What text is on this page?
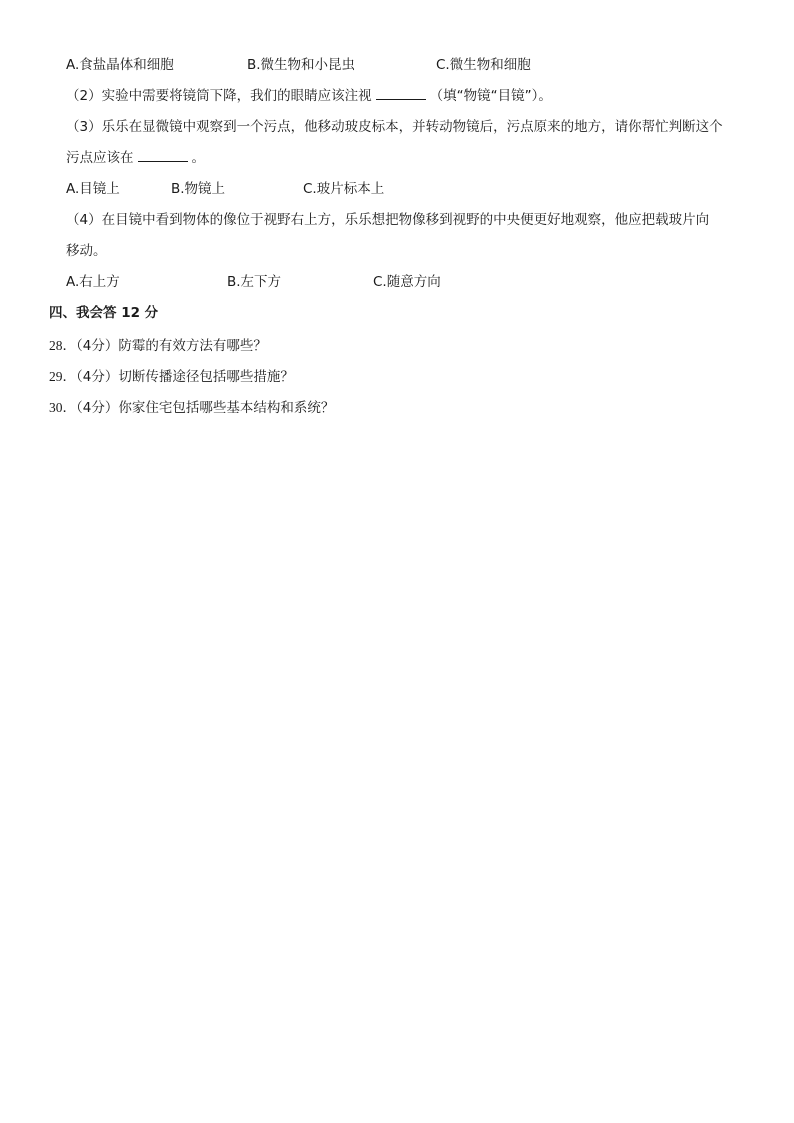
A.食盐晶体和细胞	B.微生物和小昆虫	C.微生物和细胞
（2）实验中需要将镜筒下降，我们的眼睛应该注视	（填“物镜“目镜”）。
（3）乐乐在显微镜中观察到一个污点，他移动玻皮标本，并转动物镜后，污点原来的地方，请你帮忙判断这个
污点应该在	。
A.目镜上	B.物镜上	C.玻片标本上
（4）在目镜中看到物体的像位于视野右上方，乐乐想把物像移到视野的中央便更好地观察，他应把载玻片向
移动。
A.右上方	B.左下方	C.随意方向
四、我会答 12 分
28．（4分）防霉的有效方法有哪些？
29．（4分）切断传播途径包括哪些措施？
30．（4分）你家住宅包括哪些基本结构和系统？
